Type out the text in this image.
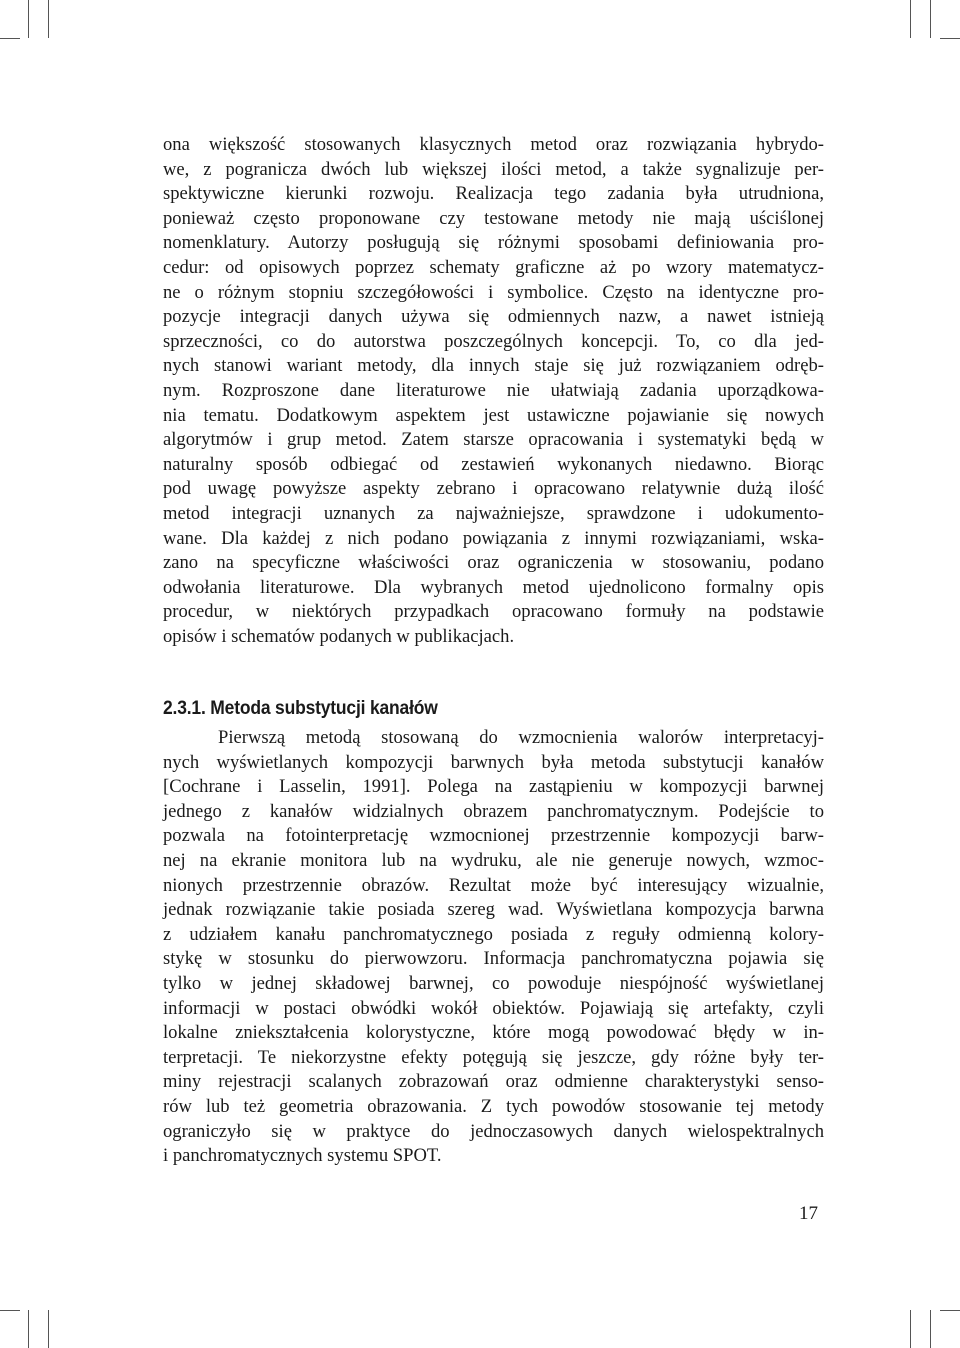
ona większość stosowanych klasycznych metod oraz rozwiązania hybrydo-
we, z pogranicza dwóch lub większej ilości metod, a także sygnalizuje per-
spektywiczne kierunki rozwoju. Realizacja tego zadania była utrudniona,
ponieważ często proponowane czy testowane metody nie mają uściślonej
nomenklatury. Autorzy posługują się różnymi sposobami definiowania pro-
cedur: od opisowych poprzez schematy graficzne aż po wzory matematycz-
ne o różnym stopniu szczegółowości i symbolice. Często na identyczne pro-
pozycje integracji danych używa się odmiennych nazw, a nawet istnieją
sprzeczności, co do autorstwa poszczególnych koncepcji. To, co dla jed-
nych stanowi wariant metody, dla innych staje się już rozwiązaniem odręb-
nym. Rozproszone dane literaturowe nie ułatwiają zadania uporządkowa-
nia tematu. Dodatkowym aspektem jest ustawiczne pojawianie się nowych
algorytmów i grup metod. Zatem starsze opracowania i systematyki będą w
naturalny sposób odbiegać od zestawień wykonanych niedawno. Biorąc
pod uwagę powyższe aspekty zebrano i opracowano relatywnie dużą ilość
metod integracji uznanych za najważniejsze, sprawdzone i udokumento-
wane. Dla każdej z nich podano powiązania z innymi rozwiązaniami, wska-
zano na specyficzne właściwości oraz ograniczenia w stosowaniu, podano
odwołania literaturowe. Dla wybranych metod ujednolicono formalny opis
procedur, w niektórych przypadkach opracowano formuły na podstawie
opisów i schematów podanych w publikacjach.
2.3.1. Metoda substytucji kanałów
Pierwszą metodą stosowaną do wzmocnienia walorów interpretacyj-
nych wyświetlanych kompozycji barwnych była metoda substytucji kanałów
[Cochrane i Lasselin, 1991]. Polega na zastąpieniu w kompozycji barwnej
jednego z kanałów widzialnych obrazem panchromatycznym. Podejście to
pozwala na fotointerpretację wzmocnionej przestrzennie kompozycji barw-
nej na ekranie monitora lub na wydruku, ale nie generuje nowych, wzmoc-
nionych przestrzennie obrazów. Rezultat może być interesujący wizualnie,
jednak rozwiązanie takie posiada szereg wad. Wyświetlana kompozycja barwna
z udziałem kanału panchromatycznego posiada z reguły odmienną kolory-
stykę w stosunku do pierwowzoru. Informacja panchromatyczna pojawia się
tylko w jednej składowej barwnej, co powoduje niespójność wyświetlanej
informacji w postaci obwódki wokół obiektów. Pojawiają się artefakty, czyli
lokalne zniekształcenia kolorystyczne, które mogą powodować błędy w in-
terpretacji. Te niekorzystne efekty potęgują się jeszcze, gdy różne były ter-
miny rejestracji scalanych zobrazowań oraz odmienne charakterystyki senso-
rów lub też geometria obrazowania. Z tych powodów stosowanie tej metody
ograniczyło się w praktyce do jednoczasowych danych wielospektralnych
i panchromatycznych systemu SPOT.
17
